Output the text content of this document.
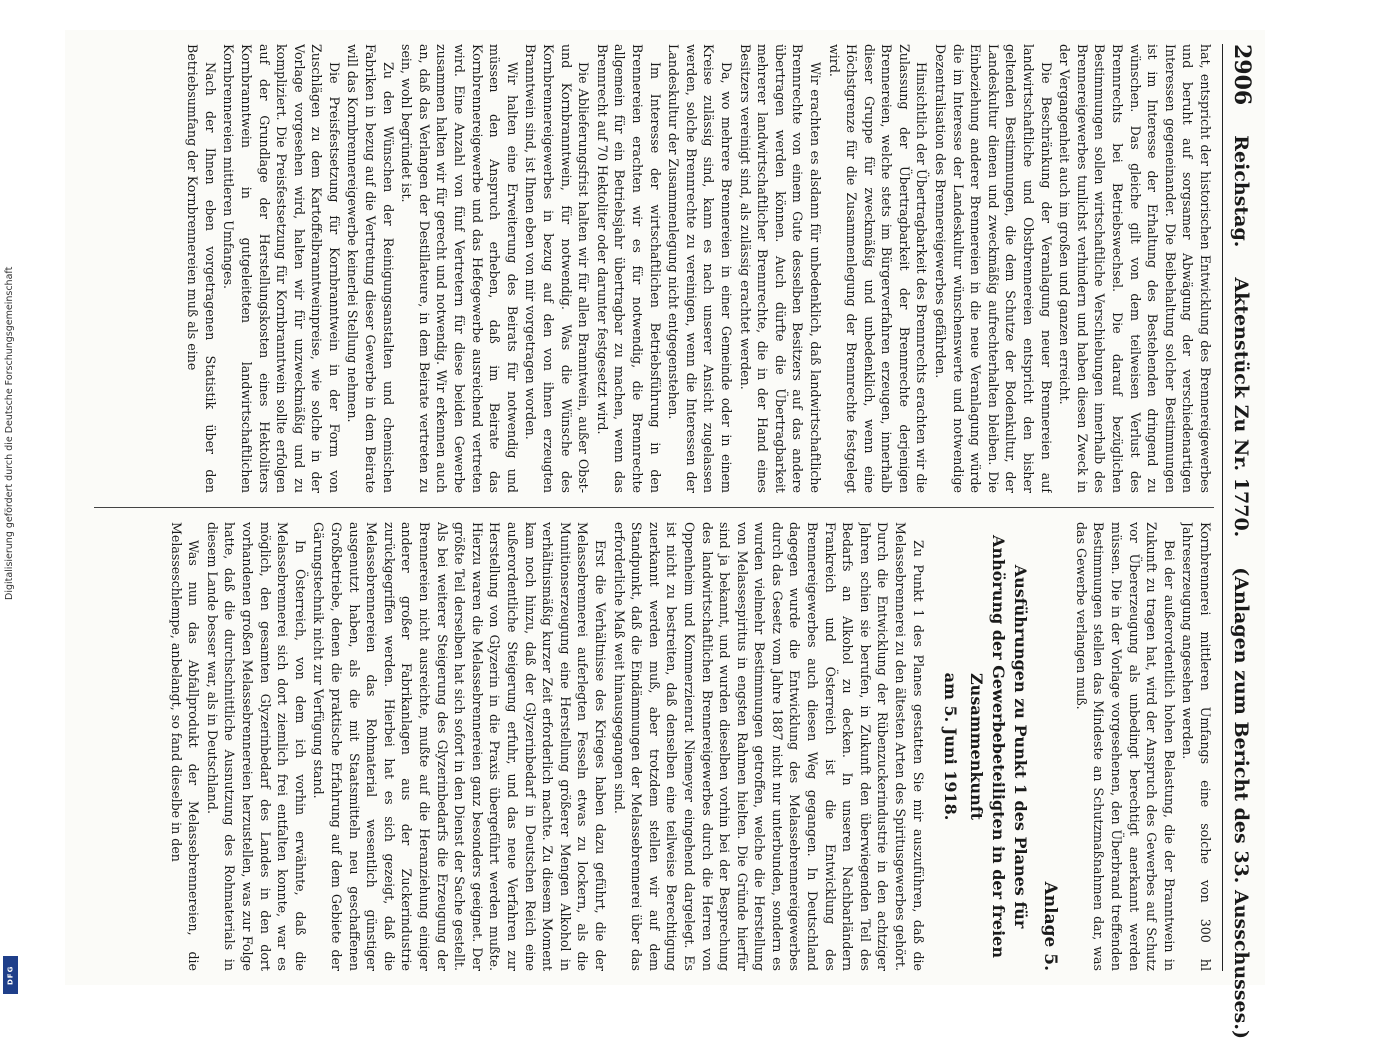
2906
Reichstag.
Aktenstück Zu Nr. 1770.
(Anlagen zum Bericht des 33. Ausschusses.)

hat, entspricht der historischen Entwicklung des Brennereigewerbes und beruht auf sorgsamer Abwägung der verschiedenartigen Interessen gegeneinander. Die Beibehaltung solcher Bestimmungen ist im Interesse der Erhaltung des Bestehenden dringend zu wünschen. Das gleiche gilt von dem teilweisen Verlust des Brennrechts bei Betriebswechsel. Die darauf bezüglichen Bestimmungen sollen wirtschaftliche Verschiebungen innerhalb des Brennereigewerbes tunlichst verhindern und haben diesen Zweck in der Vergangenheit auch im großen und ganzen erreicht.

Die Beschränkung der Veranlagung neuer Brennereien auf landwirtschaftliche und Obstbrennereien entspricht den bisher geltenden Bestimmungen, die dem Schutze der Bodenkultur, der Landeskultur dienen und zweckmäßig aufrechterhalten bleiben. Die Einbeziehung anderer Brennereien in die neue Veranlagung würde die im Interesse der Landeskultur wünschenswerte und notwendige Dezentralisation des Brennereigewerbes gefährden.

Hinsichtlich der Übertragbarkeit des Brennrechts erachten wir die Zulassung der Übertragbarkeit der Brennrechte derjenigen Brennereien, welche stets im Bürgerverfahren erzeugen, innerhalb dieser Gruppe für zweckmäßig und unbedenklich, wenn eine Höchstgrenze für die Zusammenlegung der Brennrechte festgelegt wird.

Wir erachten es alsdann für unbedenklich, daß landwirtschaftliche Brennrechte von einem Gute desselben Besitzers auf das andere übertragen werden können. Auch dürfte die Übertragbarkeit mehrerer landwirtschaftlicher Brennrechte, die in der Hand eines Besitzers vereinigt sind, als zulässig erachtet werden.

Da, wo mehrere Brennereien in einer Gemeinde oder in einem Kreise zulässig sind, kann es nach unserer Ansicht zugelassen werden, solche Brennrechte zu vereinigen, wenn die Interessen der Landeskultur der Zusammenlegung nicht entgegenstehen.

Im Interesse der wirtschaftlichen Betriebsführung in den Brennereien erachten wir es für notwendig, die Brennrechte allgemein für ein Betriebsjahr übertragbar zu machen, wenn das Brennrecht auf 70 Hektoliter oder darunter festgesetzt wird.

Die Ablieferungsfrist halten wir für allen Branntwein, außer Obst- und Kornbranntwein, für notwendig. Was die Wünsche des Kornbrennereigewerbes in bezug auf den von ihnen erzeugten Branntwein sind, ist Ihnen eben von mir vorgetragen worden.

Wir halten eine Erweiterung des Beirats für notwendig und müssen den Anspruch erheben, daß im Beirate das Kornbrennereigewerbe und das Hefegewerbe ausreichend vertreten wird. Eine Anzahl von fünf Vertretern für diese beiden Gewerbe zusammen halten wir für gerecht und notwendig. Wir erkennen auch an, daß das Verlangen der Destillateure, in dem Beirate vertreten zu sein, wohl begründet ist.

Zu den Wünschen der Reinigungsanstalten und chemischen Fabriken in bezug auf die Vertretung dieser Gewerbe in dem Beirate will das Kornbrennereigewerbe keinerlei Stellung nehmen.

Die Preisfestsetzung für Kornbranntwein in der Form von Zuschlägen zu dem Kartoffelbranntweinpreise, wie solche in der Vorlage vorgesehen wird, halten wir für unzweckmäßig und zu kompliziert. Die Preisfestsetzung für Kornbranntwein sollte erfolgen auf der Grundlage der Herstellungskosten eines Hektoliters Kornbranntwein in gutgeleiteten landwirtschaftlichen Kornbrennereien mittleren Umfanges.

Nach der Ihnen eben vorgetragenen Statistik über den Betriebsumfang der Kornbrennereien muß als eine

Kornbrennerei mittleren Umfangs eine solche von 300 hl Jahreserzeugung angesehen werden.

Bei der außerordentlich hohen Belastung, die der Branntwein in Zukunft zu tragen hat, wird der Anspruch des Gewerbes auf Schutz vor Übererzeugung als unbedingt berechtigt anerkannt werden müssen. Die in der Vorlage vorgesehenen, den Überbrand treffenden Bestimmungen stellen das Mindeste an Schutzmaßnahmen dar, was das Gewerbe verlangen muß.

Anlage 5.
Ausführungen zu Punkt 1 des Planes für Anhörung der Gewerbebeteiligten in der freien Zusammenkunft
am 5. Juni 1918.

Zu Punkt 1 des Planes gestatten Sie mir auszuführen, daß die Melassebrennerei zu den ältesten Arten des Spiritusgewerbes gehört. Durch die Entwicklung der Rübenzuckerindustrie in den achtziger Jahren schien sie berufen, in Zukunft den überwiegenden Teil des Bedarfs an Alkohol zu decken. In unseren Nachbarländern Frankreich und Österreich ist die Entwicklung des Brennereigewerbes auch diesen Weg gegangen. In Deutschland dagegen wurde die Entwicklung des Melassebrennereigewerbes durch das Gesetz vom Jahre 1887 nicht nur unterbunden, sondern es wurden vielmehr Bestimmungen getroffen, welche die Herstellung von Melassespiritus in engsten Rahmen hielten. Die Gründe hierfür sind ja bekannt, und wurden dieselben vorhin bei der Besprechung des landwirtschaftlichen Brennereigewerbes durch die Herren von Oppenheim und Kommerzienrat Niemeyer eingehend dargelegt. Es ist nicht zu bestreiten, daß denselben eine teilweise Berechtigung zuerkannt werden muß, aber trotzdem stellen wir auf dem Standpunkt, daß die Eindämmungen der Melassebrennerei über das erforderliche Maß weit hinausgegangen sind.

Erst die Verhältnisse des Krieges haben dazu geführt, die der Melassebrennerei auferlegten Fesseln etwas zu lockern, als die Munitionserzeugung eine Herstellung größerer Mengen Alkohol in verhältnismäßig kurzer Zeit erforderlich machte. Zu diesem Moment kam noch hinzu, daß der Glyzerinbedarf in Deutschen Reich eine außerordentliche Steigerung erfuhr, und das neue Verfahren zur Herstellung von Glyzerin in die Praxis übergeführt werden mußte. Hierzu waren die Melassebrennereien ganz besonders geeignet. Der größte Teil derselben hat sich sofort in den Dienst der Sache gestellt. Als bei weiterer Steigerung des Glyzerinbedarfs die Erzeugung der Brennereien nicht ausreichte, mußte auf die Heranziehung einiger anderer großer Fabrikanlagen aus der Zuckerindustrie zurückgegriffen werden. Hierbei hat es sich gezeigt, daß die Melassebrennereien das Rohmaterial wesentlich günstiger ausgenutzt haben, als die mit Staatsmitteln neu geschaffenen Großbetriebe, denen die praktische Erfahrung auf dem Gebiete der Gärungstechnik nicht zur Verfügung stand.

In Österreich, von dem ich vorhin erwähnte, daß die Melassebrennerei sich dort ziemlich frei entfalten konnte, war es möglich, den gesamten Glyzerinbedarf des Landes in den dort vorhandenen großen Melassebrennereien herzustellen, was zur Folge hatte, daß die durchschnittliche Ausnutzung des Rohmaterials in diesem Lande besser war, als in Deutschland.

Was nun das Abfallprodukt der Melassebrennereien, die Melasseschlempe, anbelangt, so fand dieselbe in den

Digitalisierung gefördert durch die Deutsche Forschungsgemeinschaft
DFG
